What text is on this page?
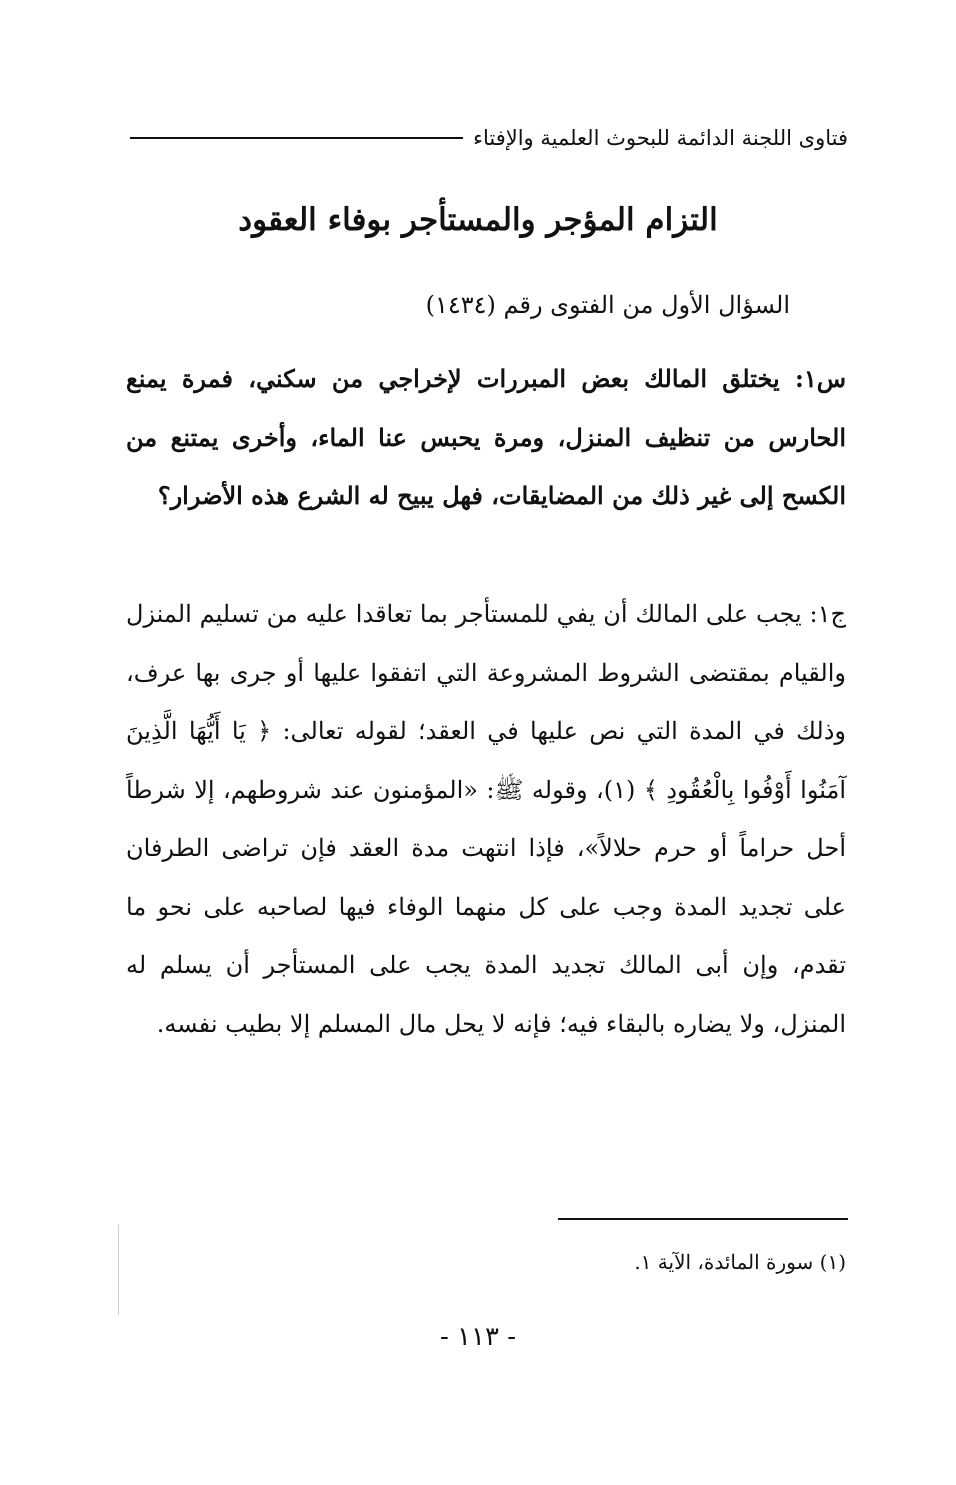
فتاوى اللجنة الدائمة للبحوث العلمية والإفتاء
التزام المؤجر والمستأجر بوفاء العقود
السؤال الأول من الفتوى رقم (١٤٣٤)
س١: يختلق المالك بعض المبررات لإخراجي من سكني، فمرة يمنع الحارس من تنظيف المنزل، ومرة يحبس عنا الماء، وأخرى يمتنع من الكسح إلى غير ذلك من المضايقات، فهل يبيح له الشرع هذه الأضرار؟
ج١: يجب على المالك أن يفي للمستأجر بما تعاقدا عليه من تسليم المنزل والقيام بمقتضى الشروط المشروعة التي اتفقوا عليها أو جرى بها عرف، وذلك في المدة التي نص عليها في العقد؛ لقوله تعالى: ﴿ يَا أَيُّهَا الَّذِينَ آمَنُوا أَوْفُوا بِالْعُقُودِ ﴾ (١)، وقوله ﷺ: «المؤمنون عند شروطهم، إلا شرطاً أحل حراماً أو حرم حلالاً»، فإذا انتهت مدة العقد فإن تراضى الطرفان على تجديد المدة وجب على كل منهما الوفاء فيها لصاحبه على نحو ما تقدم، وإن أبى المالك تجديد المدة يجب على المستأجر أن يسلم له المنزل، ولا يضاره بالبقاء فيه؛ فإنه لا يحل مال المسلم إلا بطيب نفسه.
(١) سورة المائدة، الآية ١.
- ١١٣ -
